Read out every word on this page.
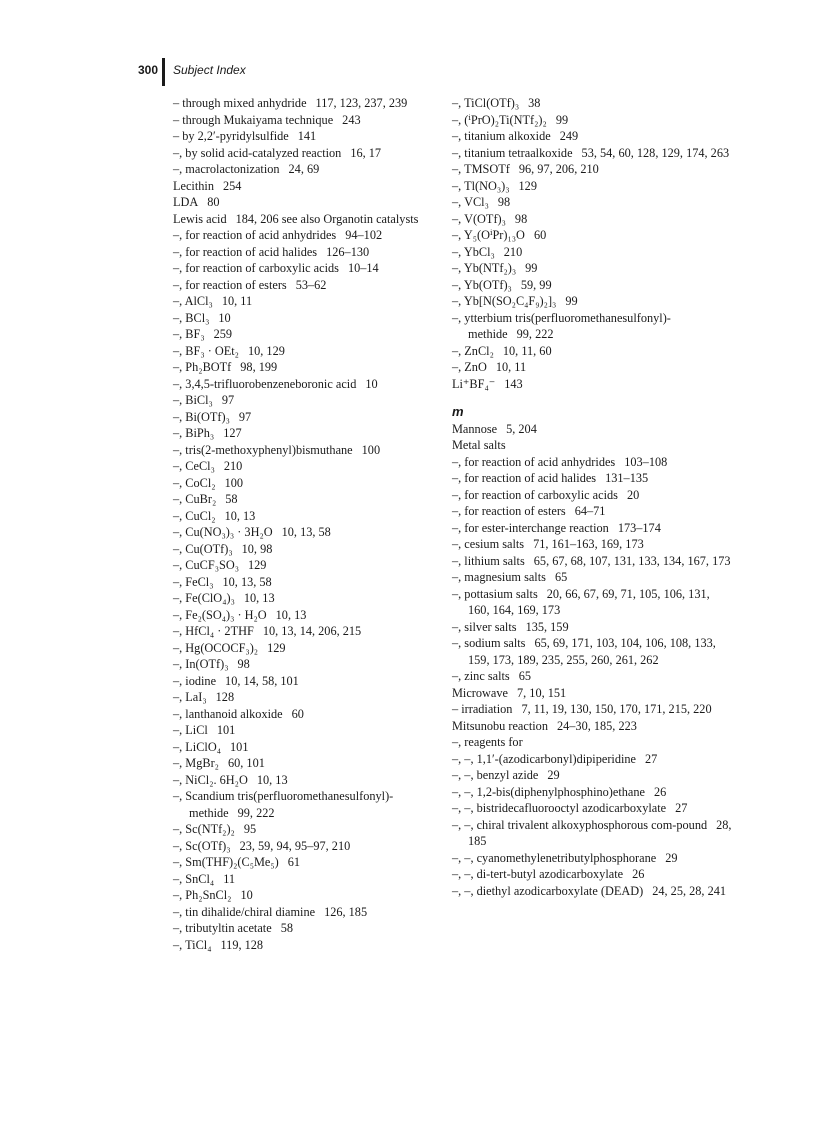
300 Subject Index
– through mixed anhydride 117, 123, 237, 239
– through Mukaiyama technique 243
– by 2,2′-pyridylsulfide 141
–, by solid acid-catalyzed reaction 16, 17
–, macrolactonization 24, 69
Lecithin 254
LDA 80
Lewis acid 184, 206 see also Organotin catalysts
–, for reaction of acid anhydrides 94–102
–, for reaction of acid halides 126–130
–, for reaction of carboxylic acids 10–14
–, for reaction of esters 53–62
–, AlCl₃ 10, 11
–, BCl₃ 10
–, BF₃ 259
–, BF₃ · OEt₂ 10, 129
–, Ph₂BOTf 98, 199
–, 3,4,5-trifluorobenzeneboronic acid 10
–, BiCl₃ 97
–, Bi(OTf)₃ 97
–, BiPh₃ 127
–, tris(2-methoxyphenyl)bismuthane 100
–, CeCl₃ 210
–, CoCl₂ 100
–, CuBr₂ 58
–, CuCl₂ 10, 13
–, Cu(NO₃)₃ · 3H₂O 10, 13, 58
–, Cu(OTf)₃ 10, 98
–, CuCF₃SO₃ 129
–, FeCl₃ 10, 13, 58
–, Fe(ClO₄)₃ 10, 13
–, Fe₂(SO₄)₃ · H₂O 10, 13
–, HfCl₄ · 2THF 10, 13, 14, 206, 215
–, Hg(OCOCF₃)₂ 129
–, In(OTf)₃ 98
–, iodine 10, 14, 58, 101
–, LaI₃ 128
–, lanthanoid alkoxide 60
–, LiCl 101
–, LiClO₄ 101
–, MgBr₂ 60, 101
–, NiCl₂. 6H₂O 10, 13
–, Scandium tris(perfluoromethanesulfonyl)-methide 99, 222
–, Sc(NTf₂)₂ 95
–, Sc(OTf)₃ 23, 59, 94, 95–97, 210
–, Sm(THF)₂(C₅Me₅) 61
–, SnCl₄ 11
–, Ph₂SnCl₂ 10
–, tin dihalide/chiral diamine 126, 185
–, tributyltin acetate 58
–, TiCl₄ 119, 128
–, TiCl(OTf)₃ 38
–, (ⁱPrO)₂Ti(NTf₂)₂ 99
–, titanium alkoxide 249
–, titanium tetraalkoxide 53, 54, 60, 128, 129, 174, 263
–, TMSOTf 96, 97, 206, 210
–, Tl(NO₃)₃ 129
–, VCl₃ 98
–, V(OTf)₃ 98
–, Y₅(OⁱPr)₁₃O 60
–, YbCl₃ 210
–, Yb(NTf₂)₃ 99
–, Yb(OTf)₃ 59, 99
–, Yb[N(SO₂C₄F₉)₂]₃ 99
–, ytterbium tris(perfluoromethanesulfonyl)-methide 99, 222
–, ZnCl₂ 10, 11, 60
–, ZnO 10, 11
Li⁺BF₄⁻ 143
m
Mannose 5, 204
Metal salts
–, for reaction of acid anhydrides 103–108
–, for reaction of acid halides 131–135
–, for reaction of carboxylic acids 20
–, for reaction of esters 64–71
–, for ester-interchange reaction 173–174
–, cesium salts 71, 161–163, 169, 173
–, lithium salts 65, 67, 68, 107, 131, 133, 134, 167, 173
–, magnesium salts 65
–, pottasium salts 20, 66, 67, 69, 71, 105, 106, 131, 160, 164, 169, 173
–, silver salts 135, 159
–, sodium salts 65, 69, 171, 103, 104, 106, 108, 133, 159, 173, 189, 235, 255, 260, 261, 262
–, zinc salts 65
Microwave 7, 10, 151
– irradiation 7, 11, 19, 130, 150, 170, 171, 215, 220
Mitsunobu reaction 24–30, 185, 223
–, reagents for
–, –, 1,1′-(azodicarbonyl)dipiperidine 27
–, –, benzyl azide 29
–, –, 1,2-bis(diphenylphosphino)ethane 26
–, –, bistridecafluorooctyl azodicarboxylate 27
–, –, chiral trivalent alkoxyphosphorous com-pound 28, 185
–, –, cyanomethylenetributylphosphorane 29
–, –, di-tert-butyl azodicarboxylate 26
–, –, diethyl azodicarboxylate (DEAD) 24, 25, 28, 241
